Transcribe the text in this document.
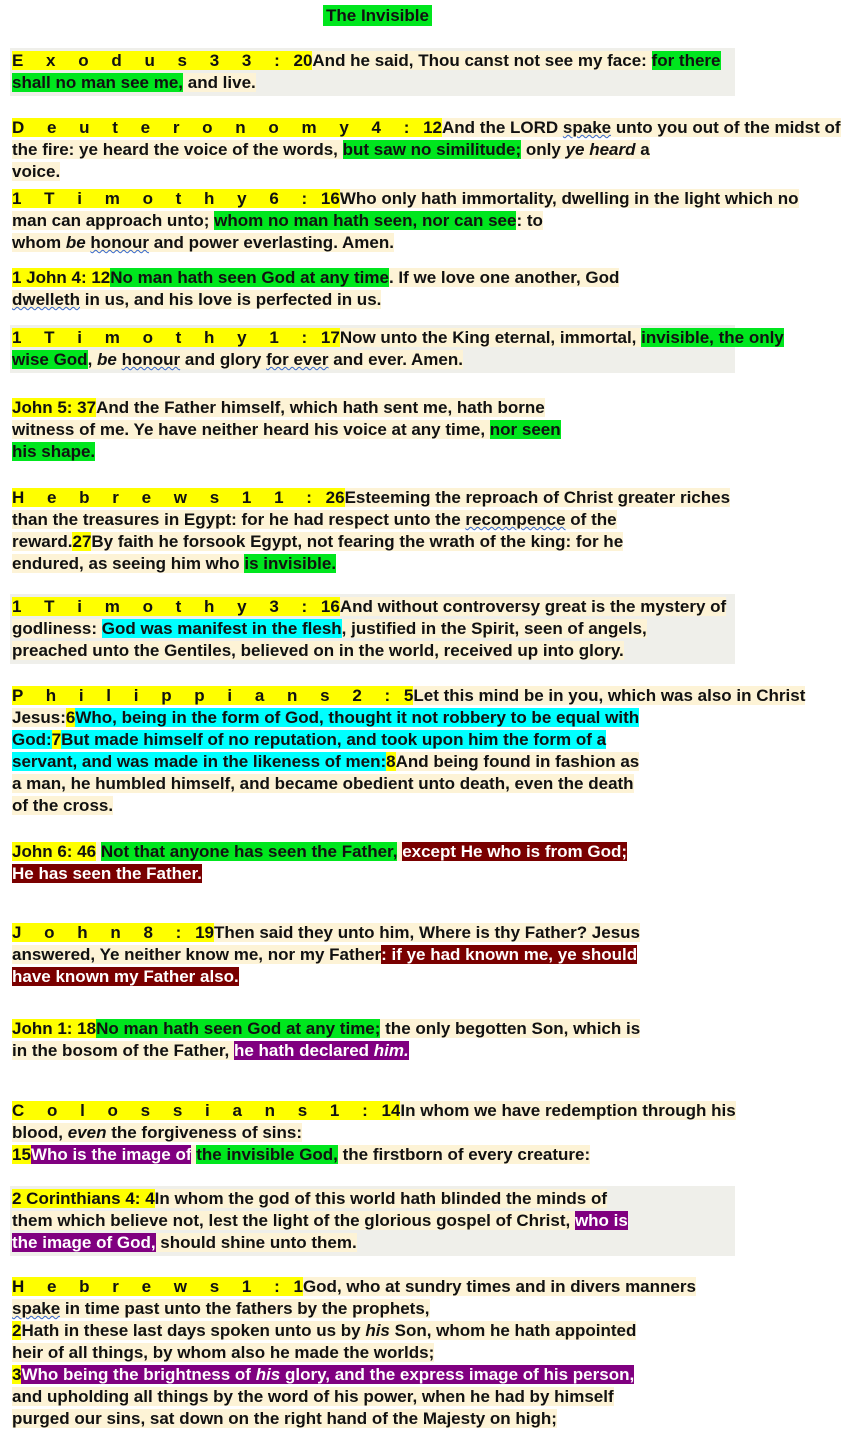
The Invisible
E x o d u s 3 3 : 20And he said, Thou canst not see my face: for there
shall no man see me, and live.
D e u t e r o n o m y 4 : 12And the LORD spake unto you out of the midst of
the fire: ye heard the voice of the words, but saw no similitude; only ye heard a
voice.
1 T i m o t h y 6 : 16Who only hath immortality, dwelling in the light which no
man can approach unto; whom no man hath seen, nor can see: to
whom be honour and power everlasting. Amen.
1 John 4: 12No man hath seen God at any time. If we love one another, God
dwelleth in us, and his love is perfected in us.
1 T i m o t h y 1 : 17Now unto the King eternal, immortal, invisible, the only
wise God, be honour and glory for ever and ever. Amen.
John 5: 37And the Father himself, which hath sent me, hath borne
witness of me. Ye have neither heard his voice at any time, nor seen
his shape.
H e b r e w s 1 1 : 26Esteeming the reproach of Christ greater riches
than the treasures in Egypt: for he had respect unto the recompence of the
reward.27By faith he forsook Egypt, not fearing the wrath of the king: for he
endured, as seeing him who is invisible.
1 T i m o t h y 3 : 16And without controversy great is the mystery of
godliness: God was manifest in the flesh, justified in the Spirit, seen of angels,
preached unto the Gentiles, believed on in the world, received up into glory.
P h i l i p p i a n s 2 : 5Let this mind be in you, which was also in Christ
Jesus:6Who, being in the form of God, thought it not robbery to be equal with
God:7But made himself of no reputation, and took upon him the form of a
servant, and was made in the likeness of men:8And being found in fashion as
a man, he humbled himself, and became obedient unto death, even the death
of the cross.
John 6: 46 Not that anyone has seen the Father, except He who is from God;
He has seen the Father.
J o h n 8 : 19Then said they unto him, Where is thy Father? Jesus
answered, Ye neither know me, nor my Father: if ye had known me, ye should
have known my Father also.
John 1: 18No man hath seen God at any time; the only begotten Son, which is
in the bosom of the Father, he hath declared him.
C o l o s s i a n s 1 : 14In whom we have redemption through his
blood, even the forgiveness of sins:
15Who is the image of the invisible God, the firstborn of every creature:
2 Corinthians 4: 4In whom the god of this world hath blinded the minds of
them which believe not, lest the light of the glorious gospel of Christ, who is
the image of God, should shine unto them.
H e b r e w s 1 : 1God, who at sundry times and in divers manners
spake in time past unto the fathers by the prophets,
2Hath in these last days spoken unto us by his Son, whom he hath appointed
heir of all things, by whom also he made the worlds;
3Who being the brightness of his glory, and the express image of his person,
and upholding all things by the word of his power, when he had by himself
purged our sins, sat down on the right hand of the Majesty on high;
